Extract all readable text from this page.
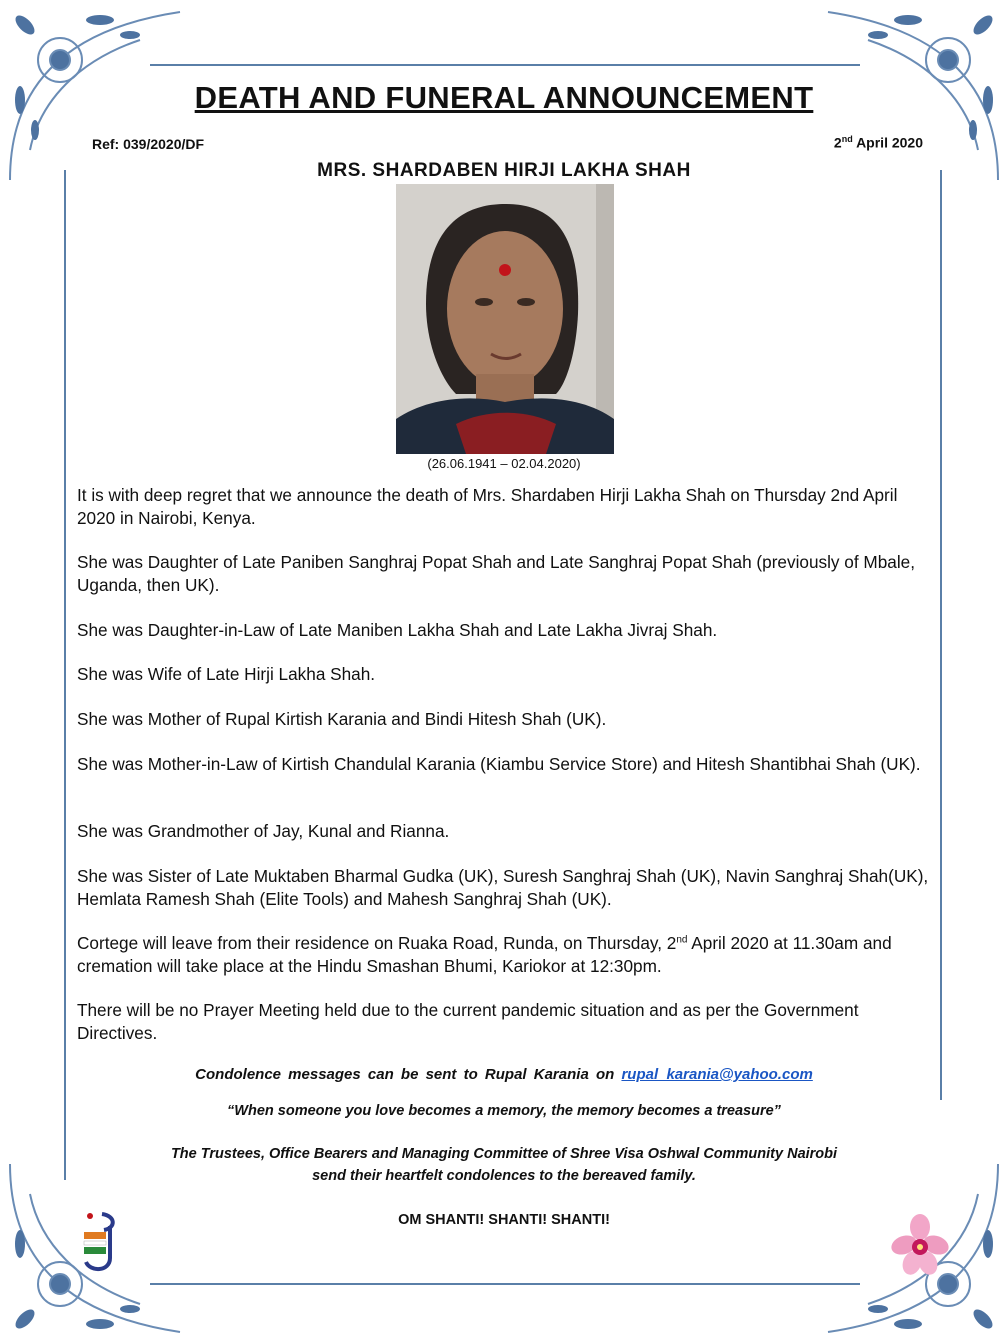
DEATH AND FUNERAL ANNOUNCEMENT
Ref: 039/2020/DF	2nd April 2020
MRS. SHARDABEN HIRJI LAKHA SHAH
(26.06.1941 – 02.04.2020)

It is with deep regret that we announce the death of Mrs. Shardaben Hirji Lakha Shah on Thursday 2nd April 2020 in Nairobi, Kenya.

She was Daughter of Late Paniben Sanghraj Popat Shah and Late Sanghraj Popat Shah (previously of Mbale, Uganda, then UK).

She was Daughter-in-Law of Late Maniben Lakha Shah and Late Lakha Jivraj Shah.

She was Wife of Late Hirji Lakha Shah.

She was Mother of Rupal Kirtish Karania and Bindi Hitesh Shah (UK).

She was Mother-in-Law of Kirtish Chandulal Karania (Kiambu Service Store) and Hitesh Shantibhai Shah (UK).

She was Grandmother of Jay, Kunal and Rianna.

She was Sister of Late Muktaben Bharmal Gudka (UK), Suresh Sanghraj Shah (UK), Navin Sanghraj Shah(UK), Hemlata Ramesh Shah (Elite Tools) and Mahesh Sanghraj Shah (UK).

Cortege will leave from their residence on Ruaka Road, Runda, on Thursday, 2nd April 2020 at 11.30am and cremation will take place at the Hindu Smashan Bhumi, Kariokor at 12:30pm.

There will be no Prayer Meeting held due to the current pandemic situation and as per the Government Directives.

Condolence messages can be sent to Rupal Karania on rupal_karania@yahoo.com
“When someone you love becomes a memory, the memory becomes a treasure”
The Trustees, Office Bearers and Managing Committee of Shree Visa Oshwal Community Nairobi
send their heartfelt condolences to the bereaved family.
OM SHANTI! SHANTI! SHANTI!
